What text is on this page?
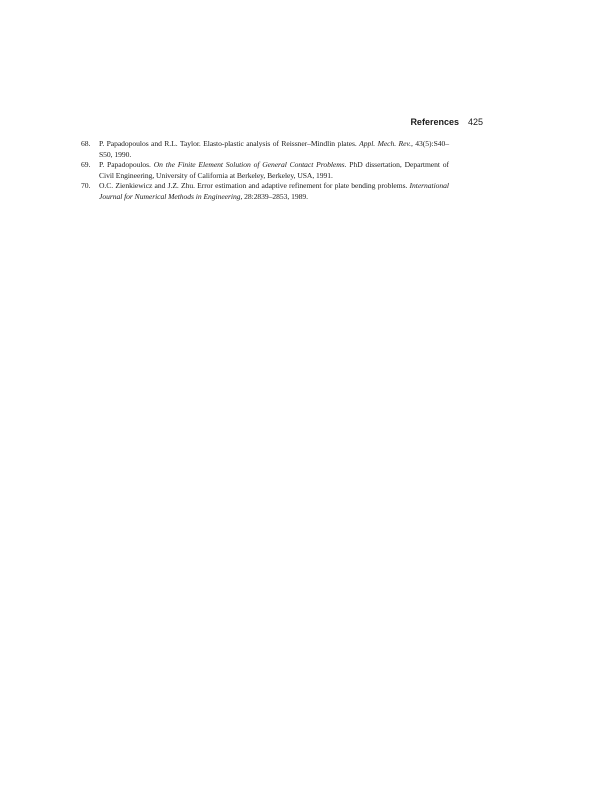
References 425
68. P. Papadopoulos and R.L. Taylor. Elasto-plastic analysis of Reissner–Mindlin plates. Appl. Mech. Rev., 43(5):S40–S50, 1990.
69. P. Papadopoulos. On the Finite Element Solution of General Contact Problems. PhD dissertation, Department of Civil Engineering, University of California at Berkeley, Berkeley, USA, 1991.
70. O.C. Zienkiewicz and J.Z. Zhu. Error estimation and adaptive refinement for plate bending problems. International Journal for Numerical Methods in Engineering, 28:2839–2853, 1989.
